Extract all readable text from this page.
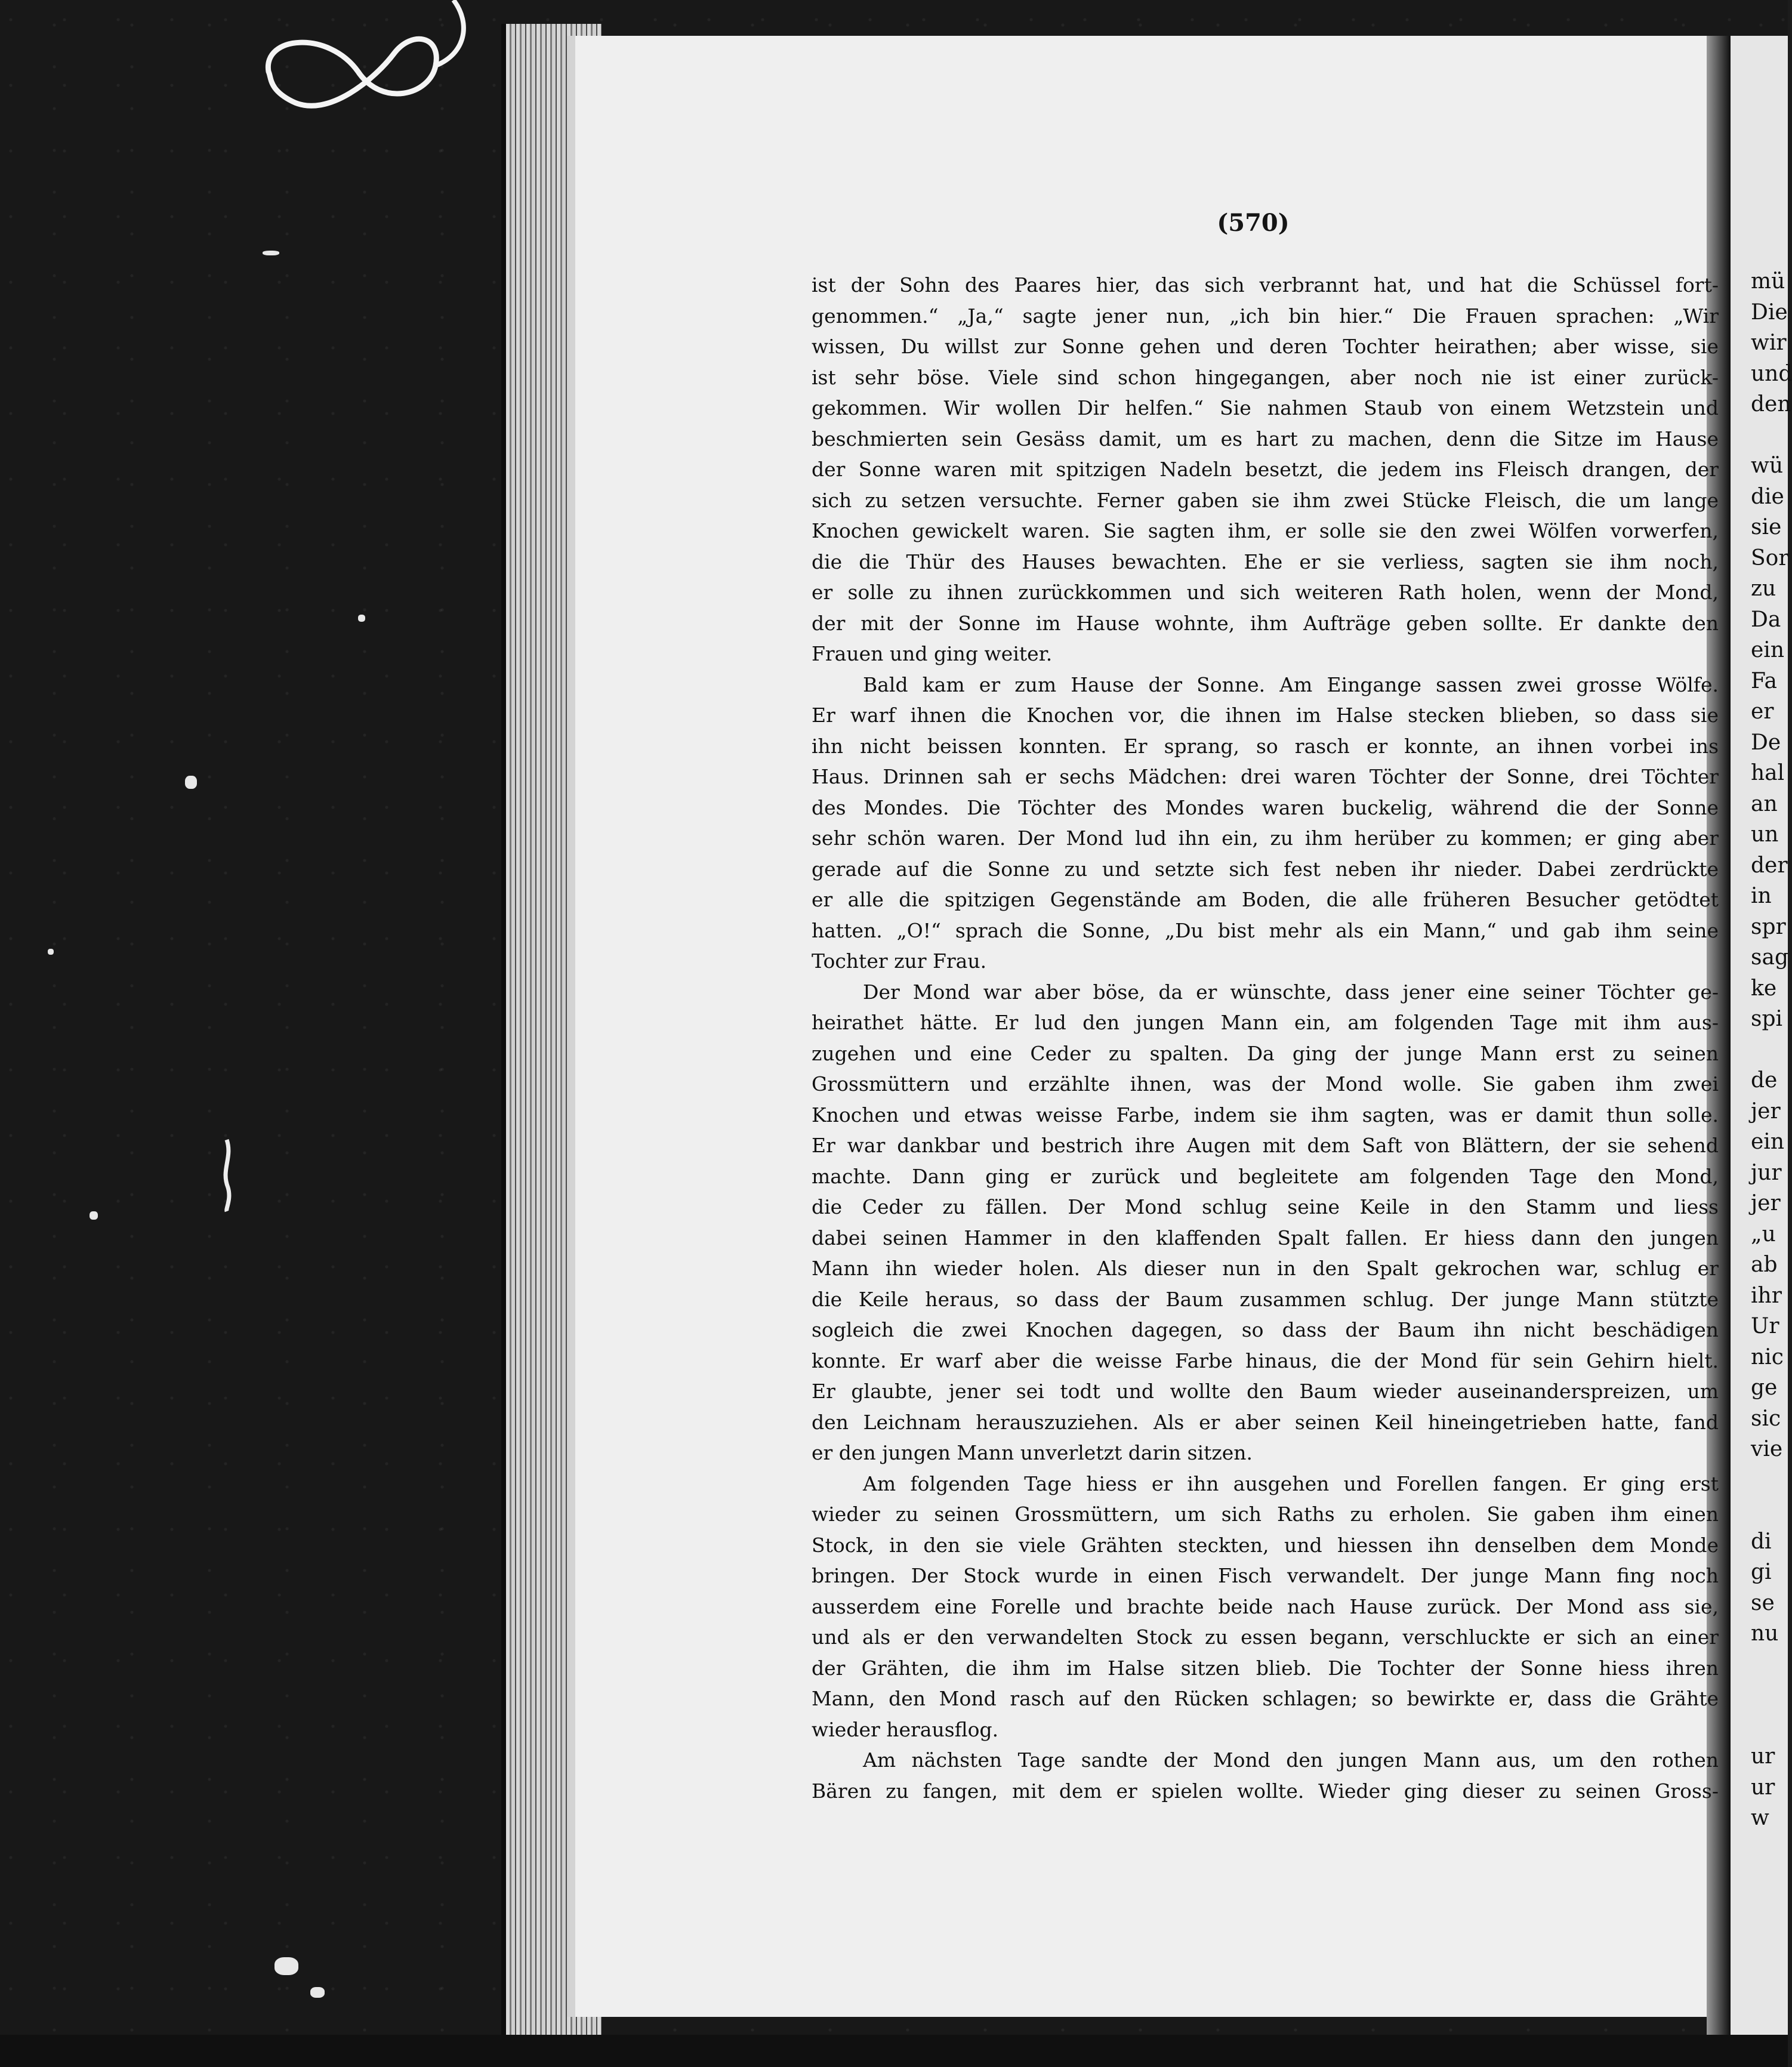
mü
Die
wir
und
den
wü
die
sie
Sor
zu
Da
ein
Fa
er
De
hal
an
un
der
in
spr
sag
ke
spi
de
jer
ein
jur
jer
„u
ab
ihr
Ur
nic
ge
sic
vie
di
gi
se
nu
ur
ur
w
(570)
ist der Sohn des Paares hier, das sich verbrannt hat, und hat die Schüssel fort-
genommen.“ „Ja,“ sagte jener nun, „ich bin hier.“ Die Frauen sprachen: „Wir
wissen, Du willst zur Sonne gehen und deren Tochter heirathen; aber wisse, sie
ist sehr böse. Viele sind schon hingegangen, aber noch nie ist einer zurück-
gekommen. Wir wollen Dir helfen.“ Sie nahmen Staub von einem Wetzstein und
beschmierten sein Gesäss damit, um es hart zu machen, denn die Sitze im Hause
der Sonne waren mit spitzigen Nadeln besetzt, die jedem ins Fleisch drangen, der
sich zu setzen versuchte. Ferner gaben sie ihm zwei Stücke Fleisch, die um lange
Knochen gewickelt waren. Sie sagten ihm, er solle sie den zwei Wölfen vorwerfen,
die die Thür des Hauses bewachten. Ehe er sie verliess, sagten sie ihm noch,
er solle zu ihnen zurückkommen und sich weiteren Rath holen, wenn der Mond,
der mit der Sonne im Hause wohnte, ihm Aufträge geben sollte. Er dankte den
Frauen und ging weiter.
Bald kam er zum Hause der Sonne. Am Eingange sassen zwei grosse Wölfe.
Er warf ihnen die Knochen vor, die ihnen im Halse stecken blieben, so dass sie
ihn nicht beissen konnten. Er sprang, so rasch er konnte, an ihnen vorbei ins
Haus. Drinnen sah er sechs Mädchen: drei waren Töchter der Sonne, drei Töchter
des Mondes. Die Töchter des Mondes waren buckelig, während die der Sonne
sehr schön waren. Der Mond lud ihn ein, zu ihm herüber zu kommen; er ging aber
gerade auf die Sonne zu und setzte sich fest neben ihr nieder. Dabei zerdrückte
er alle die spitzigen Gegenstände am Boden, die alle früheren Besucher getödtet
hatten. „O!“ sprach die Sonne, „Du bist mehr als ein Mann,“ und gab ihm seine
Tochter zur Frau.
Der Mond war aber böse, da er wünschte, dass jener eine seiner Töchter ge-
heirathet hätte. Er lud den jungen Mann ein, am folgenden Tage mit ihm aus-
zugehen und eine Ceder zu spalten. Da ging der junge Mann erst zu seinen
Grossmüttern und erzählte ihnen, was der Mond wolle. Sie gaben ihm zwei
Knochen und etwas weisse Farbe, indem sie ihm sagten, was er damit thun solle.
Er war dankbar und bestrich ihre Augen mit dem Saft von Blättern, der sie sehend
machte. Dann ging er zurück und begleitete am folgenden Tage den Mond,
die Ceder zu fällen. Der Mond schlug seine Keile in den Stamm und liess
dabei seinen Hammer in den klaffenden Spalt fallen. Er hiess dann den jungen
Mann ihn wieder holen. Als dieser nun in den Spalt gekrochen war, schlug er
die Keile heraus, so dass der Baum zusammen schlug. Der junge Mann stützte
sogleich die zwei Knochen dagegen, so dass der Baum ihn nicht beschädigen
konnte. Er warf aber die weisse Farbe hinaus, die der Mond für sein Gehirn hielt.
Er glaubte, jener sei todt und wollte den Baum wieder auseinanderspreizen, um
den Leichnam herauszuziehen. Als er aber seinen Keil hineingetrieben hatte, fand
er den jungen Mann unverletzt darin sitzen.
Am folgenden Tage hiess er ihn ausgehen und Forellen fangen. Er ging erst
wieder zu seinen Grossmüttern, um sich Raths zu erholen. Sie gaben ihm einen
Stock, in den sie viele Grähten steckten, und hiessen ihn denselben dem Monde
bringen. Der Stock wurde in einen Fisch verwandelt. Der junge Mann fing noch
ausserdem eine Forelle und brachte beide nach Hause zurück. Der Mond ass sie,
und als er den verwandelten Stock zu essen begann, verschluckte er sich an einer
der Grähten, die ihm im Halse sitzen blieb. Die Tochter der Sonne hiess ihren
Mann, den Mond rasch auf den Rücken schlagen; so bewirkte er, dass die Grähte
wieder herausflog.
Am nächsten Tage sandte der Mond den jungen Mann aus, um den rothen
Bären zu fangen, mit dem er spielen wollte. Wieder ging dieser zu seinen Gross-
